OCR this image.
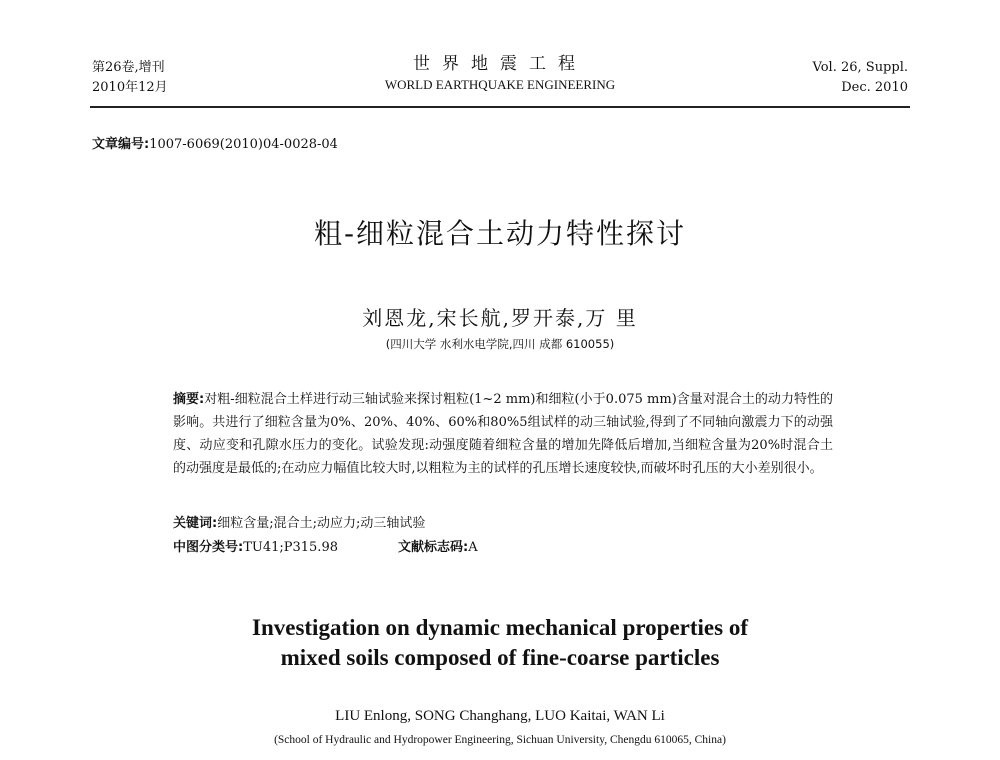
第26卷,增刊
2010年12月
世界地震工程
WORLD EARTHQUAKE ENGINEERING
Vol. 26, Suppl.
Dec. 2010
文章编号:1007-6069(2010)04-0028-04
粗-细粒混合土动力特性探讨
刘恩龙,宋长航,罗开泰,万 里
(四川大学 水利水电学院,四川 成都 610055)
摘要:对粗-细粒混合土样进行动三轴试验来探讨粗粒(1~2 mm)和细粒(小于0.075 mm)含量对混合土的动力特性的影响。共进行了细粒含量为0%、20%、40%、60%和80%5组试样的动三轴试验,得到了不同轴向激震力下的动强度、动应变和孔隙水压力的变化。试验发现:动强度随着细粒含量的增加先降低后增加,当细粒含量为20%时混合土的动强度是最低的;在动应力幅值比较大时,以粗粒为主的试样的孔压增长速度较快,而破坏时孔压的大小差别很小。
关键词:细粒含量;混合土;动应力;动三轴试验
中图分类号:TU41;P315.98	文献标志码:A
Investigation on dynamic mechanical properties of
mixed soils composed of fine-coarse particles
LIU Enlong, SONG Changhang, LUO Kaitai, WAN Li
(School of Hydraulic and Hydropower Engineering, Sichuan University, Chengdu 610065, China)
